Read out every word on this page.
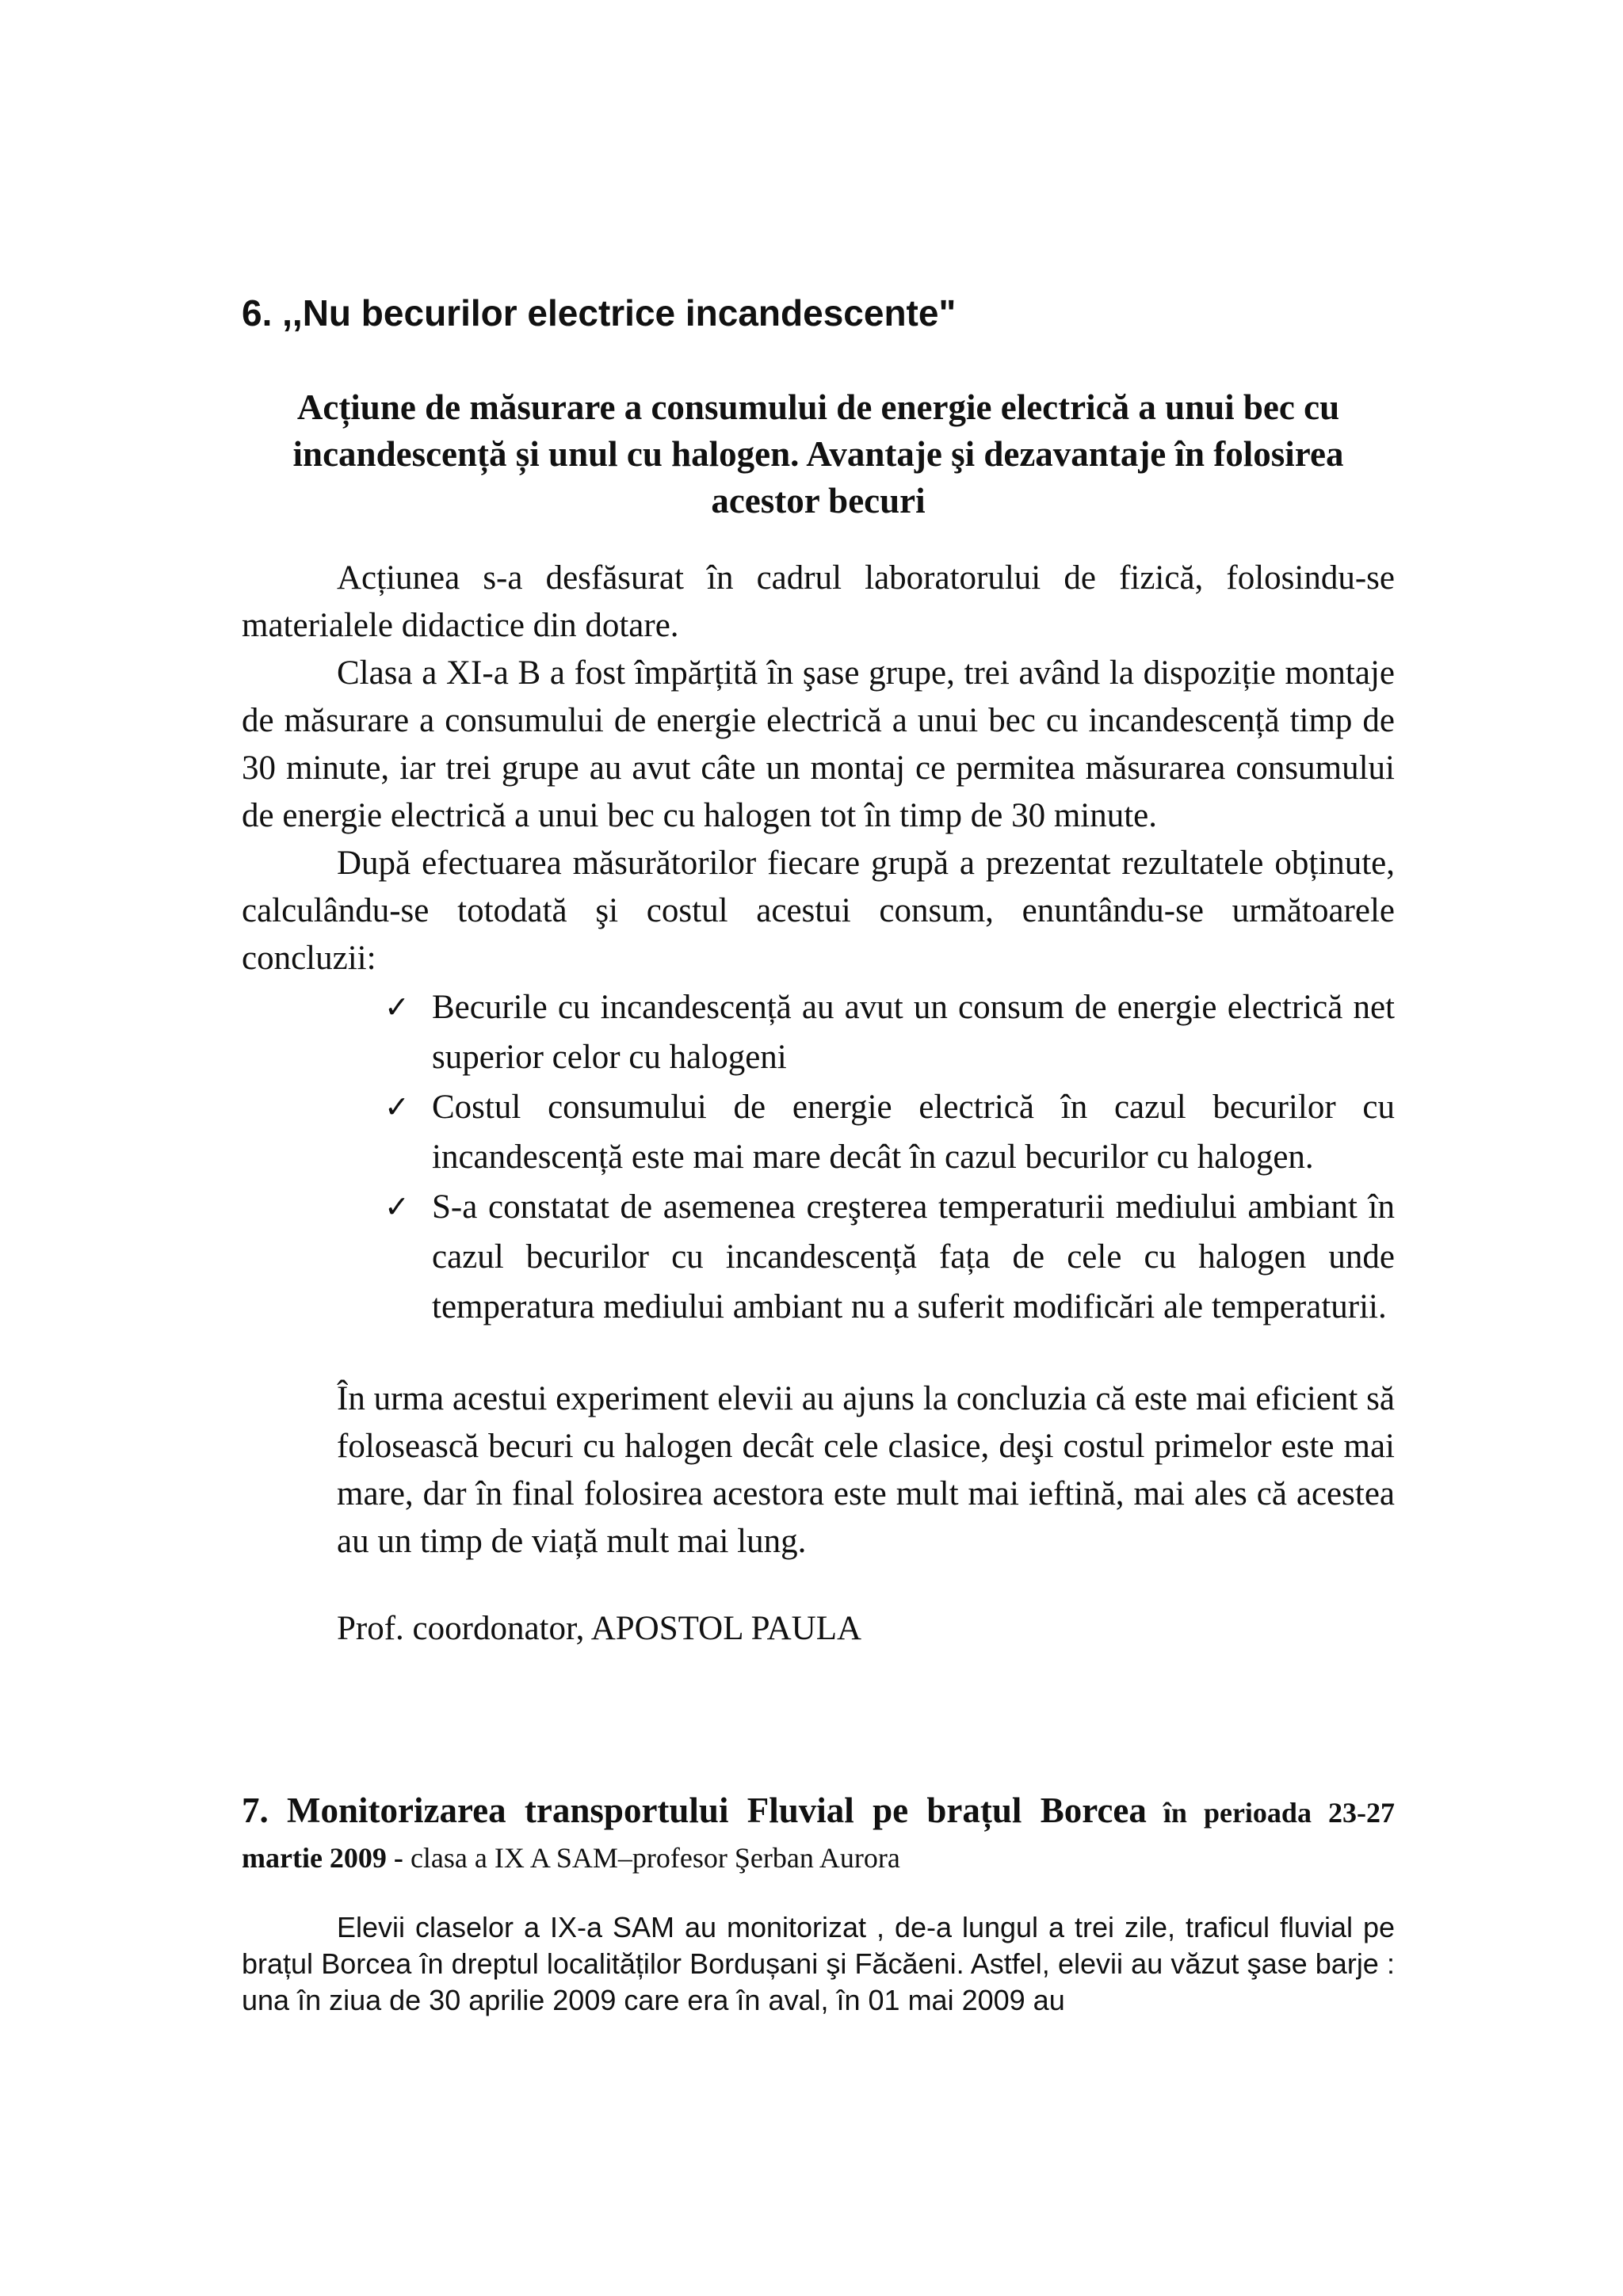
6. ,,Nu becurilor electrice incandescente"

Acțiune de măsurare a consumului de energie electrică a unui bec cu incandescență și unul cu halogen. Avantaje şi dezavantaje în folosirea acestor becuri

Acțiunea s-a desfăsurat în cadrul laboratorului de fizică, folosindu-se materialele didactice din dotare.

Clasa a XI-a B a fost împărțită în şase grupe, trei având la dispoziție montaje de măsurare a consumului de energie electrică a unui bec cu incandescență timp de 30 minute, iar trei grupe au avut câte un montaj ce permitea măsurarea consumului de energie electrică a unui bec cu halogen tot în timp de 30 minute.

După efectuarea măsurătorilor fiecare grupă a prezentat rezultatele obținute, calculându-se totodată şi costul acestui consum, enuntându-se următoarele concluzii:

✓ Becurile cu incandescență au avut un consum de energie electrică net superior celor cu halogeni
✓ Costul consumului de energie electrică în cazul becurilor cu incandescență este mai mare decât în cazul becurilor cu halogen.
✓ S-a constatat de asemenea creşterea temperaturii mediului ambiant în cazul becurilor cu incandescență fața de cele cu halogen unde temperatura mediului ambiant nu a suferit modificări ale temperaturii.

În urma acestui experiment elevii au ajuns la concluzia că este mai eficient să folosească becuri cu halogen decât cele clasice, deşi costul primelor este mai mare, dar în final folosirea acestora este mult mai ieftină, mai ales că acestea au un timp de viață mult mai lung.

Prof. coordonator, APOSTOL PAULA

7. Monitorizarea transportului Fluvial pe brațul Borcea în perioada 23-27 martie 2009 - clasa a IX A SAM–profesor Şerban Aurora

Elevii claselor a IX-a SAM au monitorizat , de-a lungul a trei zile, traficul fluvial pe brațul Borcea în dreptul localităților Bordușani şi Făcăeni. Astfel, elevii au văzut şase barje : una în ziua de 30 aprilie 2009 care era în aval, în 01 mai 2009 au
